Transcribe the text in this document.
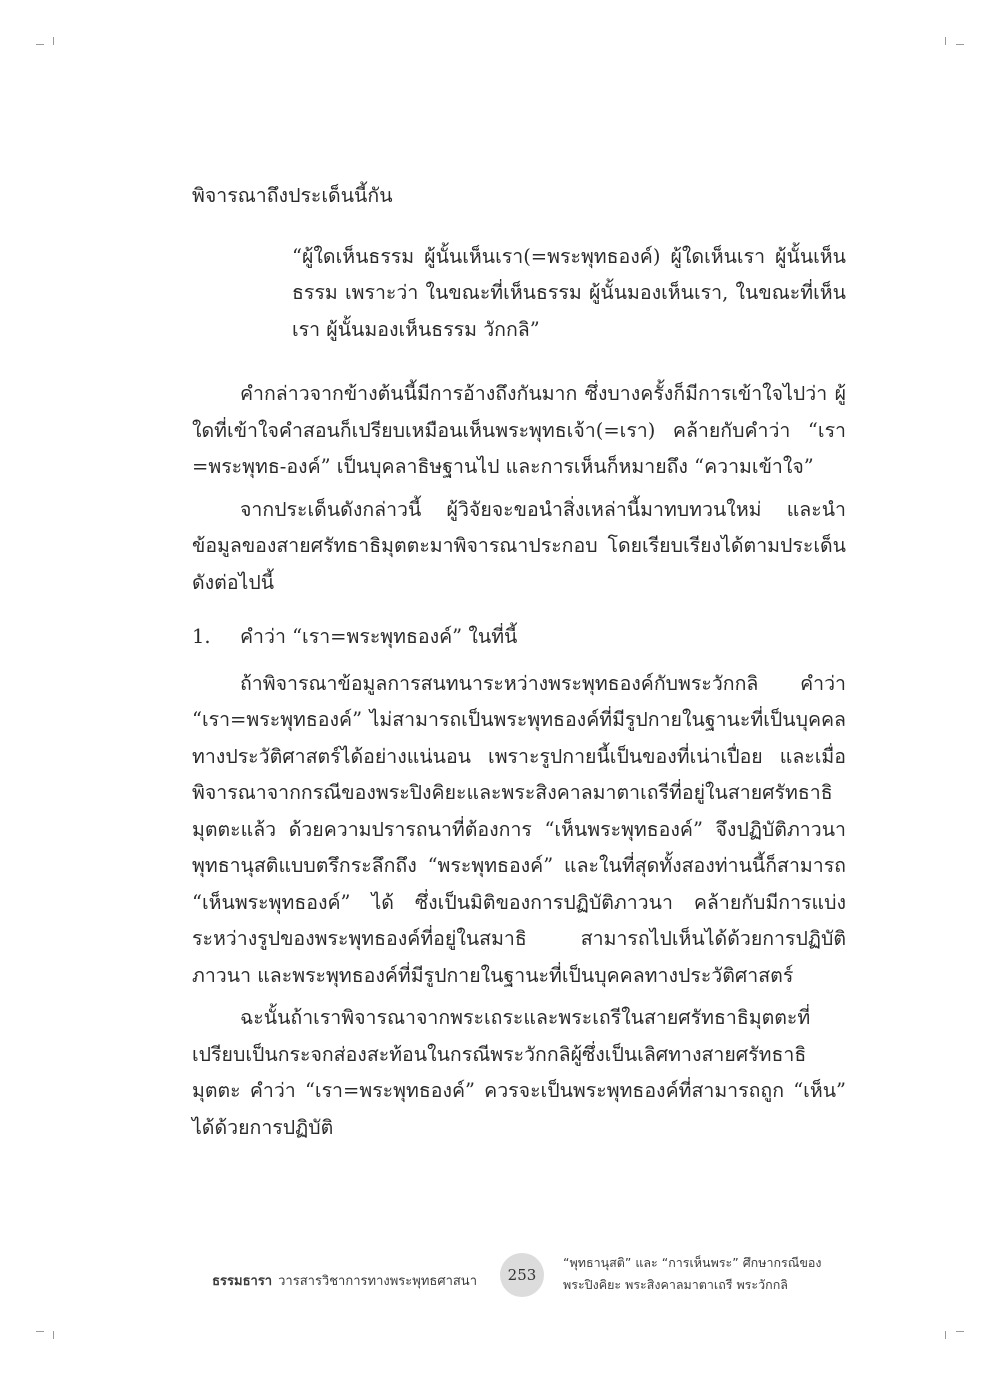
พิจารณาถึงประเด็นนี้กัน

“ผู้ใดเห็นธรรม ผู้นั้นเห็นเรา(=พระพุทธองค์) ผู้ใดเห็นเรา ผู้นั้นเห็นธรรม เพราะว่า ในขณะที่เห็นธรรม ผู้นั้นมองเห็นเรา, ในขณะที่เห็นเรา ผู้นั้นมองเห็นธรรม วักกลิ”

คำกล่าวจากข้างต้นนี้มีการอ้างถึงกันมาก ซึ่งบางครั้งก็มีการเข้าใจไปว่า ผู้ใดที่เข้าใจคำสอนก็เปรียบเหมือนเห็นพระพุทธเจ้า(=เรา) คล้ายกับคำว่า “เรา =พระพุทธ-องค์” เป็นบุคลาธิษฐานไป และการเห็นก็หมายถึง “ความเข้าใจ”

จากประเด็นดังกล่าวนี้ ผู้วิจัยจะขอนำสิ่งเหล่านี้มาทบทวนใหม่ และนำข้อมูลของสายศรัทธาธิมุตตะมาพิจารณาประกอบ โดยเรียบเรียงได้ตามประเด็นดังต่อไปนี้

1.	คำว่า “เรา=พระพุทธองค์” ในที่นี้

ถ้าพิจารณาข้อมูลการสนทนาระหว่างพระพุทธองค์กับพระวักกลิ คำว่า “เรา=พระพุทธองค์” ไม่สามารถเป็นพระพุทธองค์ที่มีรูปกายในฐานะที่เป็นบุคคลทางประวัติศาสตร์ได้อย่างแน่นอน เพราะรูปกายนี้เป็นของที่เน่าเปื่อย และเมื่อพิจารณาจากกรณีของพระปิงคิยะและพระสิงคาลมาตาเถรีที่อยู่ในสายศรัทธาธิมุตตะแล้ว ด้วยความปรารถนาที่ต้องการ “เห็นพระพุทธองค์” จึงปฏิบัติภาวนาพุทธานุสติแบบตรึกระลึกถึง “พระพุทธองค์” และในที่สุดทั้งสองท่านนี้ก็สามารถ “เห็นพระพุทธองค์” ได้ ซึ่งเป็นมิติของการปฏิบัติภาวนา คล้ายกับมีการแบ่งระหว่างรูปของพระพุทธองค์ที่อยู่ในสมาธิ สามารถไปเห็นได้ด้วยการปฏิบัติภาวนา และพระพุทธองค์ที่มีรูปกายในฐานะที่เป็นบุคคลทางประวัติศาสตร์

ฉะนั้นถ้าเราพิจารณาจากพระเถระและพระเถรีในสายศรัทธาธิมุตตะที่เปรียบเป็นกระจกส่องสะท้อนในกรณีพระวักกลิผู้ซึ่งเป็นเลิศทางสายศรัทธาธิมุตตะ คำว่า “เรา=พระพุทธองค์” ควรจะเป็นพระพุทธองค์ที่สามารถถูก “เห็น” ได้ด้วยการปฏิบัติ

ธรรมธารา วารสารวิชาการทางพระพุทธศาสนา	253
“พุทธานุสติ” และ “การเห็นพระ” ศึกษากรณีของ
พระปิงคิยะ พระสิงคาลมาตาเถรี พระวักกลิ
